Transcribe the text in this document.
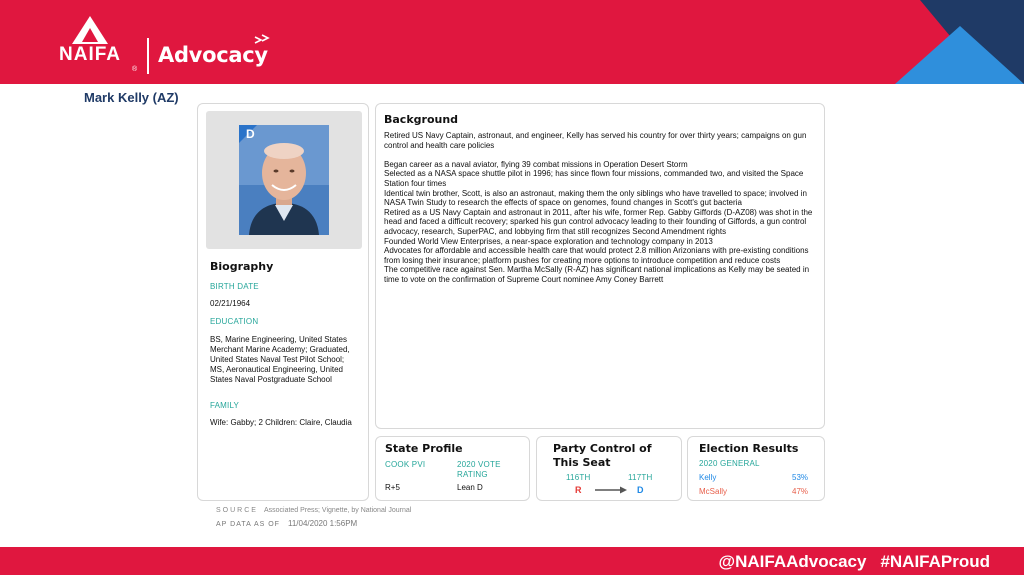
NAIFA
®
Advocacy
Mark Kelly (AZ)
D
Biography
BIRTH DATE
02/21/1964
EDUCATION
BS, Marine Engineering, United States Merchant Marine Academy; Graduated, United States Naval Test Pilot School; MS, Aeronautical Engineering, United States Naval Postgraduate School
FAMILY
Wife: Gabby; 2 Children: Claire, Claudia
Background

Retired US Navy Captain, astronaut, and engineer, Kelly has served his country for over thirty years; campaigns on gun control and health care policies

Began career as a naval aviator, flying 39 combat missions in Operation Desert Storm

Selected as a NASA space shuttle pilot in 1996; has since flown four missions, commanded two, and visited the Space Station four times

Identical twin brother, Scott, is also an astronaut, making them the only siblings who have travelled to space; involved in NASA Twin Study to research the effects of space on genomes, found changes in Scott's gut bacteria

Retired as a US Navy Captain and astronaut in 2011, after his wife, former Rep. Gabby Giffords (D-AZ08) was shot in the head and faced a difficult recovery; sparked his gun control advocacy leading to their founding of Giffords, a gun control advocacy, research, SuperPAC, and lobbying firm that still recognizes Second Amendment rights

Founded World View Enterprises, a near-space exploration and technology company in 2013

Advocates for affordable and accessible health care that would protect 2.8 million Arizonians with pre-existing conditions from losing their insurance; platform pushes for creating more options to introduce competition and reduce costs

The competitive race against Sen. Martha McSally (R-AZ) has significant national implications as Kelly may be seated in time to vote on the confirmation of Supreme Court nominee Amy Coney Barrett

State Profile
COOK PVI	2020 VOTE RATING
R+5	Lean D
Party Control of This Seat
116TH	117TH
R	D
Election Results
2020 GENERAL
Kelly	53%
McSally	47%
SOURCE Associated Press; Vignette, by National Journal
AP DATA AS OF 11/04/2020 1:56PM
@NAIFAAdvocacy #NAIFAProud
